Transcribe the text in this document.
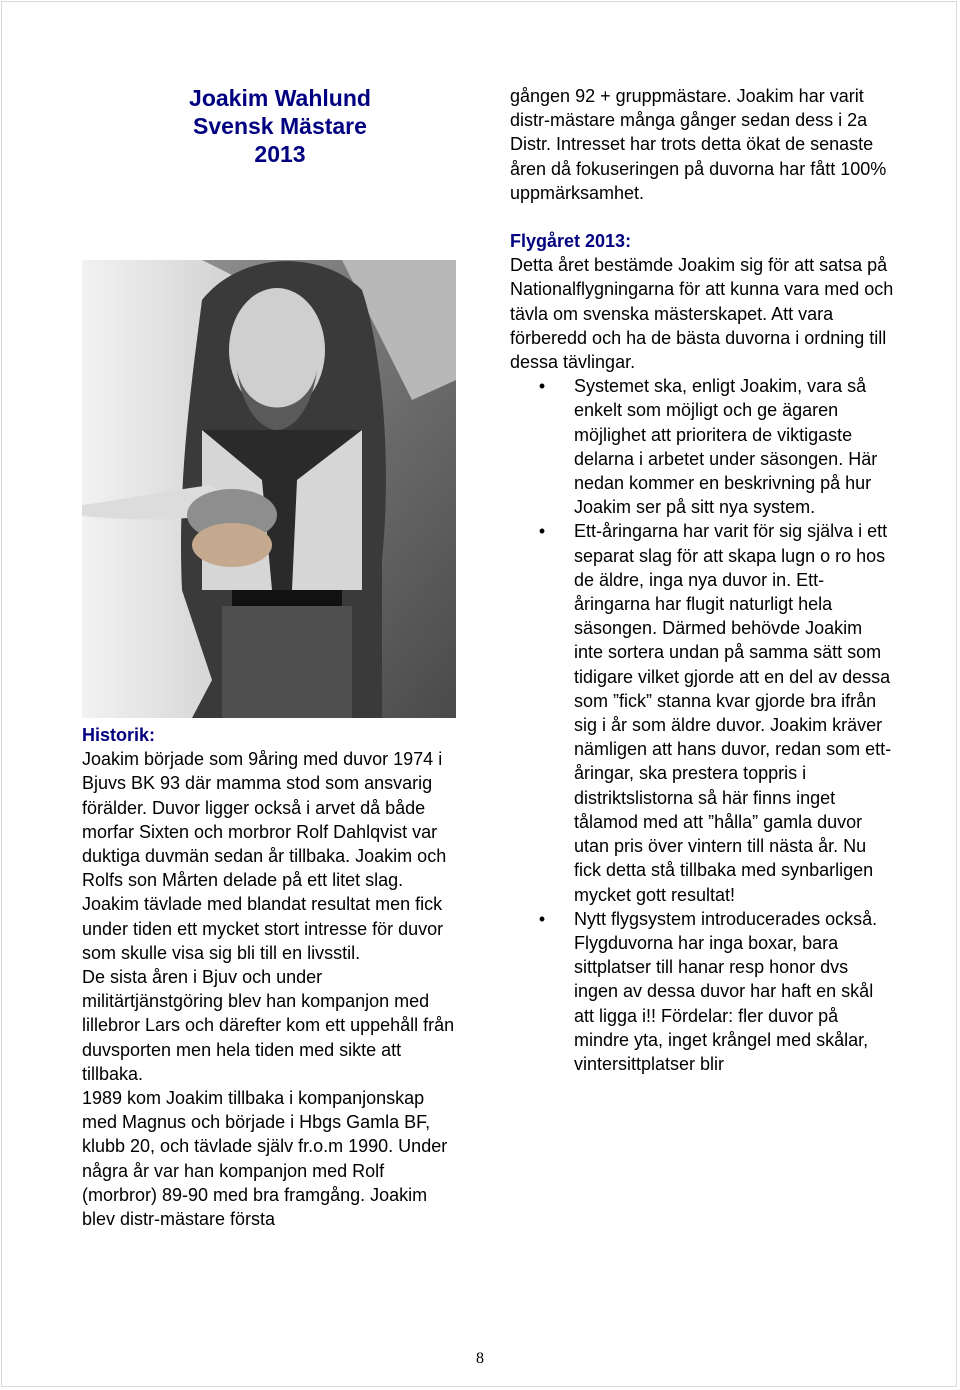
Joakim Wahlund
Svensk Mästare
2013

Historik:

Joakim började som 9åring med duvor 1974 i Bjuvs BK 93 där mamma stod som ansvarig förälder. Duvor ligger också i arvet då både morfar Sixten och morbror Rolf Dahlqvist var duktiga duvmän sedan år tillbaka. Joakim och Rolfs son Mårten delade på ett litet slag. Joakim tävlade med blandat resultat men fick under tiden ett mycket stort intresse för duvor som skulle visa sig bli till en livsstil.

De sista åren i Bjuv och under militärtjänstgöring blev han kompanjon med lillebror Lars och därefter kom ett uppehåll från duvsporten men hela tiden med sikte att tillbaka.

1989 kom Joakim tillbaka i kompanjonskap med Magnus och började i Hbgs Gamla BF, klubb 20, och tävlade själv fr.o.m 1990. Under några år var han kompanjon med Rolf (morbror) 89-90 med bra framgång. Joakim blev distr-mästare första

gången 92 + gruppmästare. Joakim har varit distr-mästare många gånger sedan dess i 2a Distr. Intresset har trots detta ökat de senaste åren då fokuseringen på duvorna har fått 100% uppmärksamhet.

Flygåret 2013:

Detta året bestämde Joakim sig för att satsa på Nationalflygningarna för att kunna vara med och tävla om svenska mästerskapet. Att vara förberedd och ha de bästa duvorna i ordning till dessa tävlingar.

• Systemet ska, enligt Joakim, vara så enkelt som möjligt och ge ägaren möjlighet att prioritera de viktigaste delarna i arbetet under säsongen. Här nedan kommer en beskrivning på hur Joakim ser på sitt nya system.
• Ett-åringarna har varit för sig själva i ett separat slag för att skapa lugn o ro hos de äldre, inga nya duvor in. Ett-åringarna har flugit naturligt hela säsongen. Därmed behövde Joakim inte sortera undan på samma sätt som tidigare vilket gjorde att en del av dessa som ”fick” stanna kvar gjorde bra ifrån sig i år som äldre duvor. Joakim kräver nämligen att hans duvor, redan som ett-åringar, ska prestera toppris i distriktslistorna så här finns inget tålamod med att ”hålla” gamla duvor utan pris över vintern till nästa år. Nu fick detta stå tillbaka med synbarligen mycket gott resultat!
• Nytt flygsystem introducerades också. Flygduvorna har inga boxar, bara sittplatser till hanar resp honor dvs ingen av dessa duvor har haft en skål att ligga i!! Fördelar: fler duvor på mindre yta, inget krångel med skålar, vintersittplatser blir
8
